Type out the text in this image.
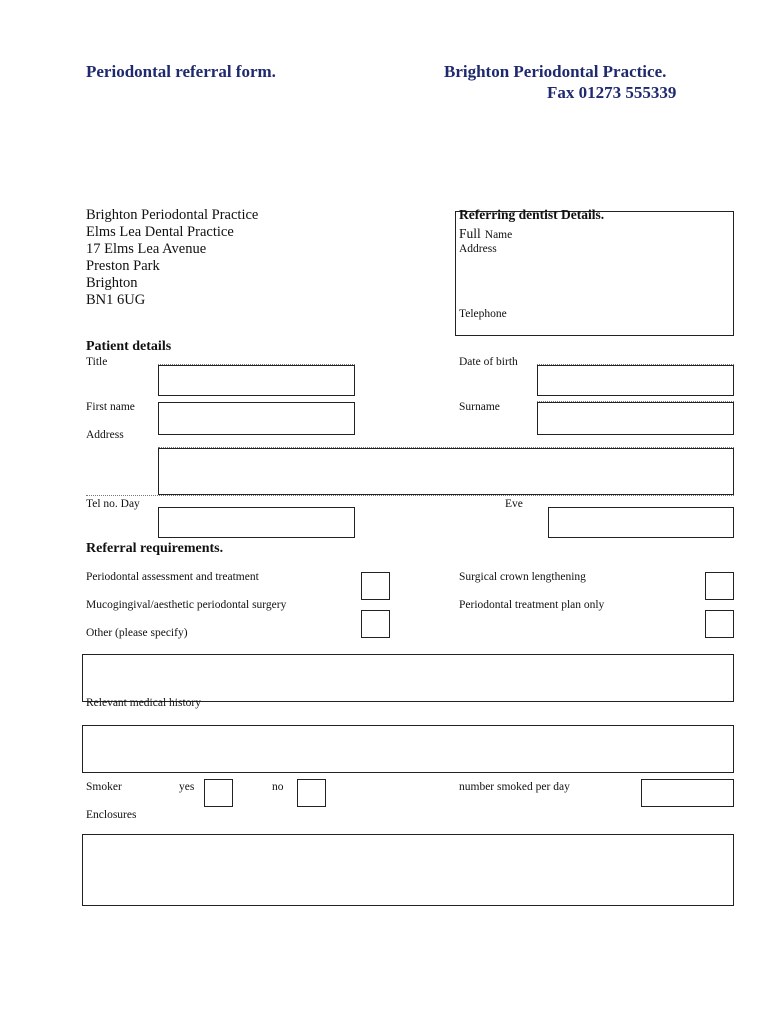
Periodontal referral form.	Brighton Periodontal Practice.
Fax 01273 555339
Brighton Periodontal Practice
Elms Lea Dental Practice
17 Elms Lea Avenue
Preston Park
Brighton
BN1 6UG
Referring dentist Details.
Full Name
Address
Telephone
Patient details
Title	Date of birth
First name	Surname
Address
Tel no. Day	Eve
Referral requirements.
Periodontal assessment and treatment	Surgical crown lengthening
Mucogingival/aesthetic periodontal surgery	Periodontal treatment plan only
Other (please specify)
Relevant medical history
Smoker	yes	no	number smoked per day
Enclosures
